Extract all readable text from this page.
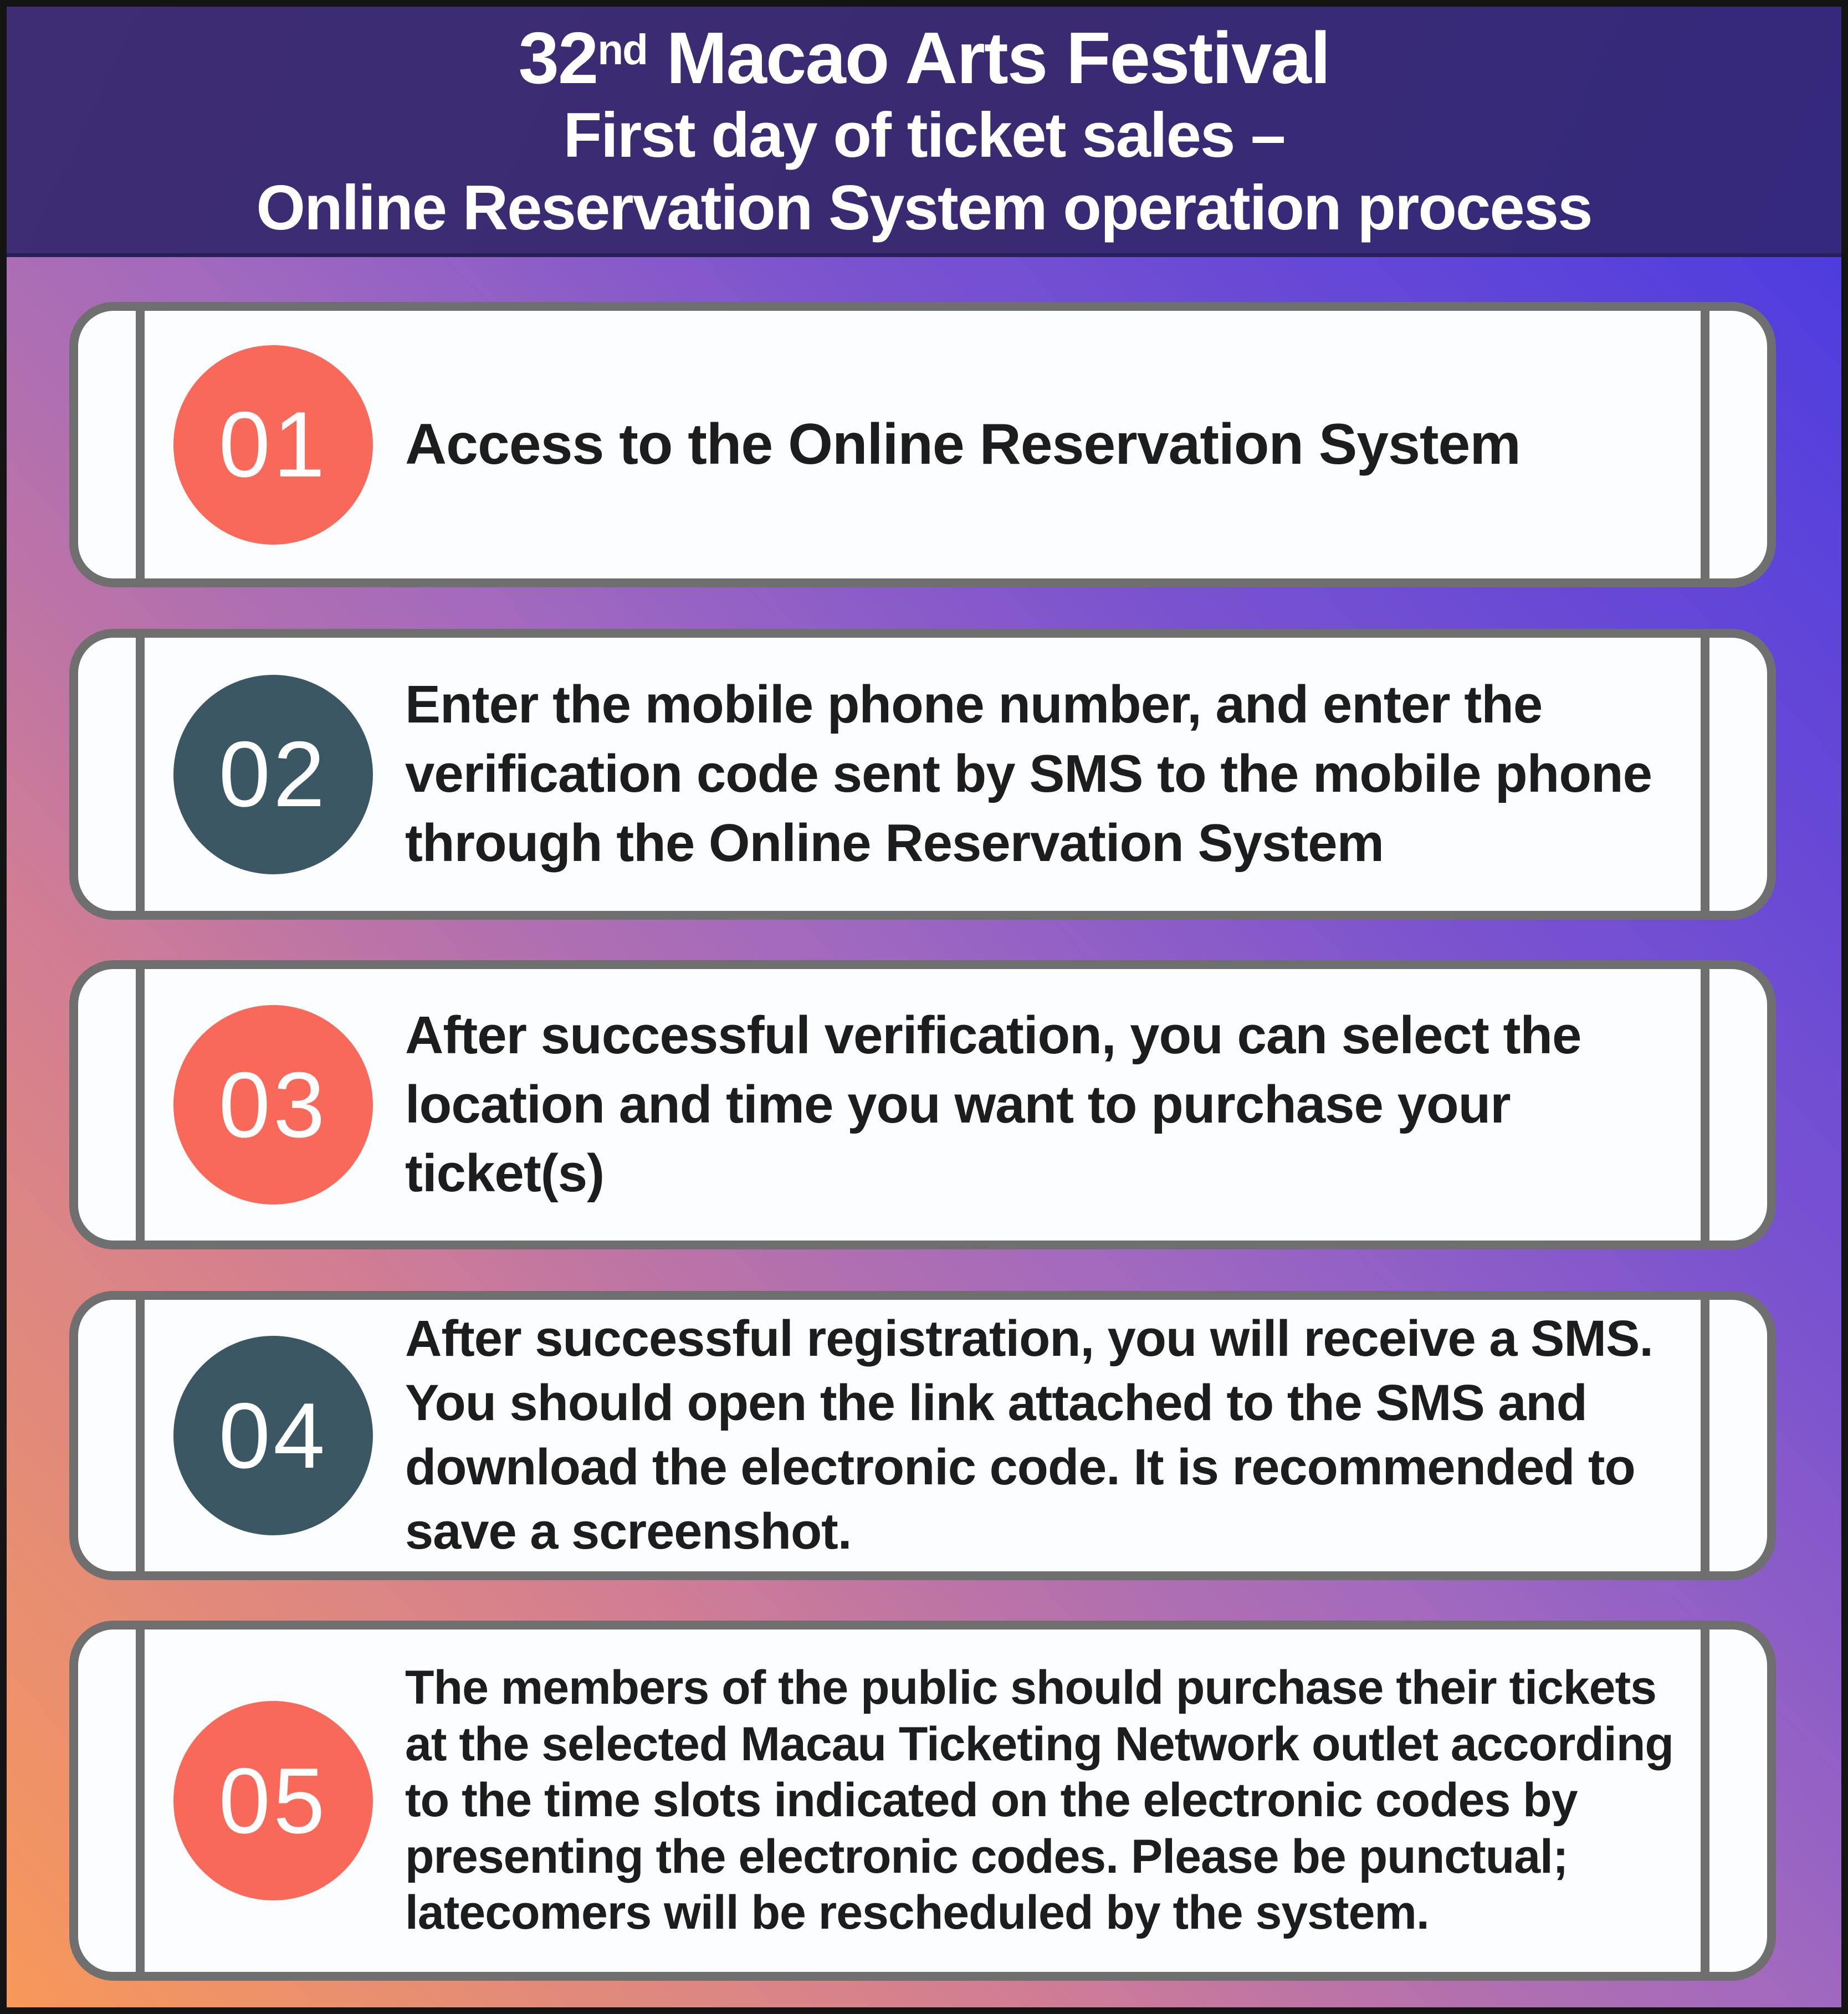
32nd Macao Arts Festival
First day of ticket sales –
Online Reservation System operation process
01 Access to the Online Reservation System

02

Enter the mobile phone number, and enter the verification code sent by SMS to the mobile phone through the Online Reservation System

03

After successful verification, you can select the location and time you want to purchase your ticket(s)

04

After successful registration, you will receive a SMS. You should open the link attached to the SMS and download the electronic code. It is recommended to save a screenshot.

05

The members of the public should purchase their tickets at the selected Macau Ticketing Network outlet according to the time slots indicated on the electronic codes by presenting the electronic codes. Please be punctual; latecomers will be rescheduled by the system.
